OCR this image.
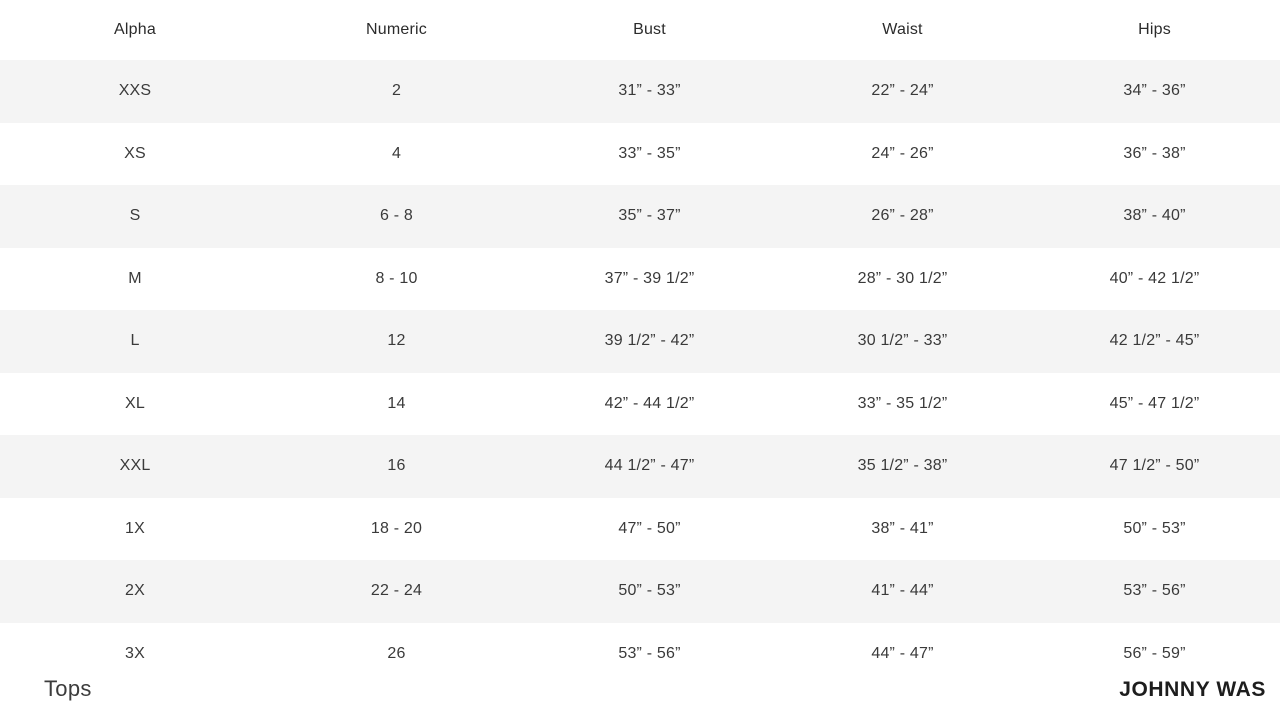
Alpha	Numeric	Bust	Waist	Hips
XXS	2	31” - 33”	22” - 24”	34” - 36”
XS	4	33” - 35”	24” - 26”	36” - 38”
S	6 - 8	35” - 37”	26” - 28”	38” - 40”
M	8 - 10	37” - 39 1/2”	28” - 30 1/2”	40” - 42 1/2”
L	12	39 1/2” - 42”	30 1/2” - 33”	42 1/2” - 45”
XL	14	42” - 44 1/2”	33” - 35 1/2”	45” - 47 1/2”
XXL	16	44 1/2” - 47”	35 1/2” - 38”	47 1/2” - 50”
1X	18 - 20	47” - 50”	38” - 41”	50” - 53”
2X	22 - 24	50” - 53”	41” - 44”	53” - 56”
3X	26	53” - 56”	44” - 47”	56” - 59”
Tops	JOHNNY WAS
